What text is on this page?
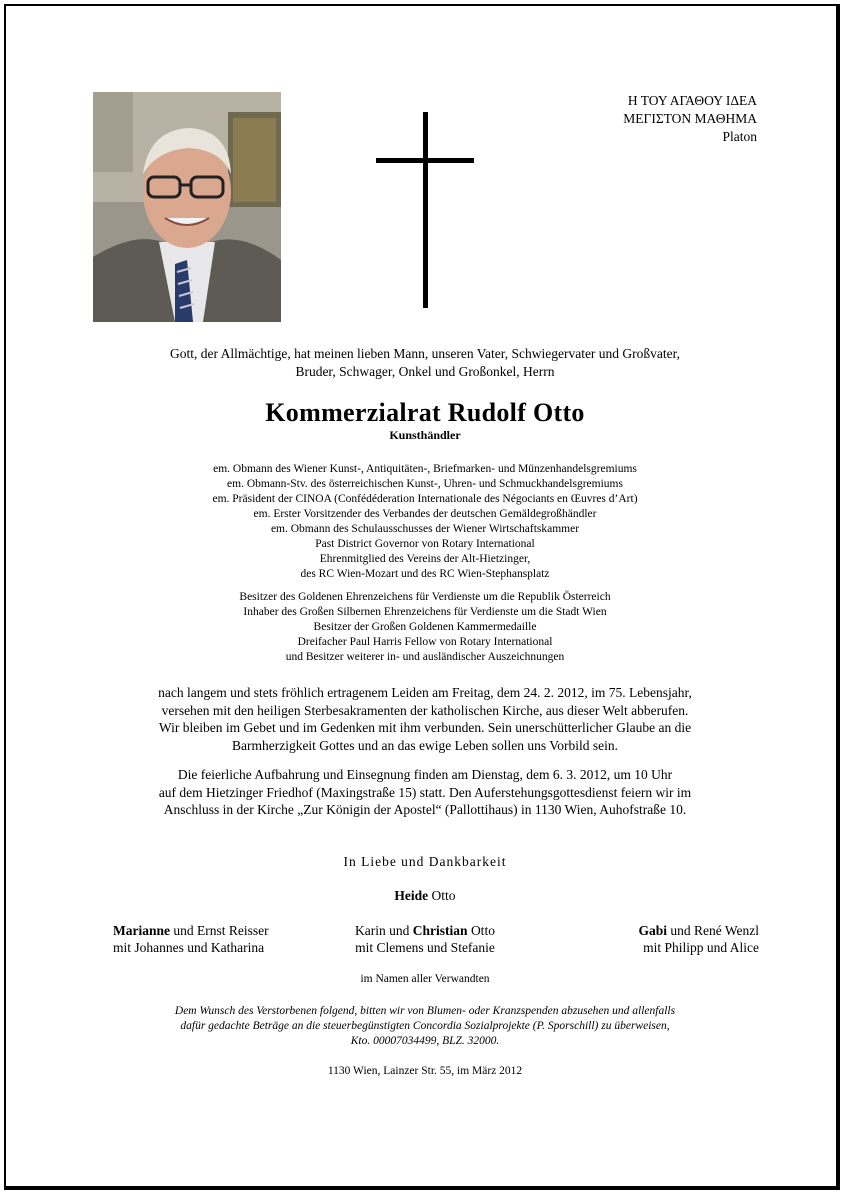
Η ΤΟΥ ΑΓΑΘΟΥ ΙΔΕΑ
ΜΕΓΙΣΤΟΝ ΜΑΘΗΜΑ
Platon
Gott, der Allmächtige, hat meinen lieben Mann, unseren Vater, Schwiegervater und Großvater,
Bruder, Schwager, Onkel und Großonkel, Herrn
Kommerzialrat Rudolf Otto
Kunsthändler
em. Obmann des Wiener Kunst-, Antiquitäten-, Briefmarken- und Münzenhandelsgremiums
em. Obmann-Stv. des österreichischen Kunst-, Uhren- und Schmuckhandelsgremiums
em. Präsident der CINOA (Confédéderation Internationale des Négociants en Œuvres d’Art)
em. Erster Vorsitzender des Verbandes der deutschen Gemäldegroßhändler
em. Obmann des Schulausschusses der Wiener Wirtschaftskammer
Past District Governor von Rotary International
Ehrenmitglied des Vereins der Alt-Hietzinger,
des RC Wien-Mozart und des RC Wien-Stephansplatz
Besitzer des Goldenen Ehrenzeichens für Verdienste um die Republik Österreich
Inhaber des Großen Silbernen Ehrenzeichens für Verdienste um die Stadt Wien
Besitzer der Großen Goldenen Kammermedaille
Dreifacher Paul Harris Fellow von Rotary International
und Besitzer weiterer in- und ausländischer Auszeichnungen
nach langem und stets fröhlich ertragenem Leiden am Freitag, dem 24. 2. 2012, im 75. Lebensjahr,
versehen mit den heiligen Sterbesakramenten der katholischen Kirche, aus dieser Welt abberufen.
Wir bleiben im Gebet und im Gedenken mit ihm verbunden. Sein unerschütterlicher Glaube an die
Barmherzigkeit Gottes und an das ewige Leben sollen uns Vorbild sein.
Die feierliche Aufbahrung und Einsegnung finden am Dienstag, dem 6. 3. 2012, um 10 Uhr
auf dem Hietzinger Friedhof (Maxingstraße 15) statt. Den Auferstehungsgottesdienst feiern wir im
Anschluss in der Kirche „Zur Königin der Apostel“ (Pallottihaus) in 1130 Wien, Auhofstraße 10.
In Liebe und Dankbarkeit
Heide Otto
Marianne und Ernst Reisser
mit Johannes und Katharina
Karin und Christian Otto
mit Clemens und Stefanie
Gabi und René Wenzl
mit Philipp und Alice
im Namen aller Verwandten
Dem Wunsch des Verstorbenen folgend, bitten wir von Blumen- oder Kranzspenden abzusehen und allenfalls
dafür gedachte Beträge an die steuerbegünstigten Concordia Sozialprojekte (P. Sporschill) zu überweisen,
Kto. 00007034499, BLZ. 32000.
1130 Wien, Lainzer Str. 55, im März 2012
